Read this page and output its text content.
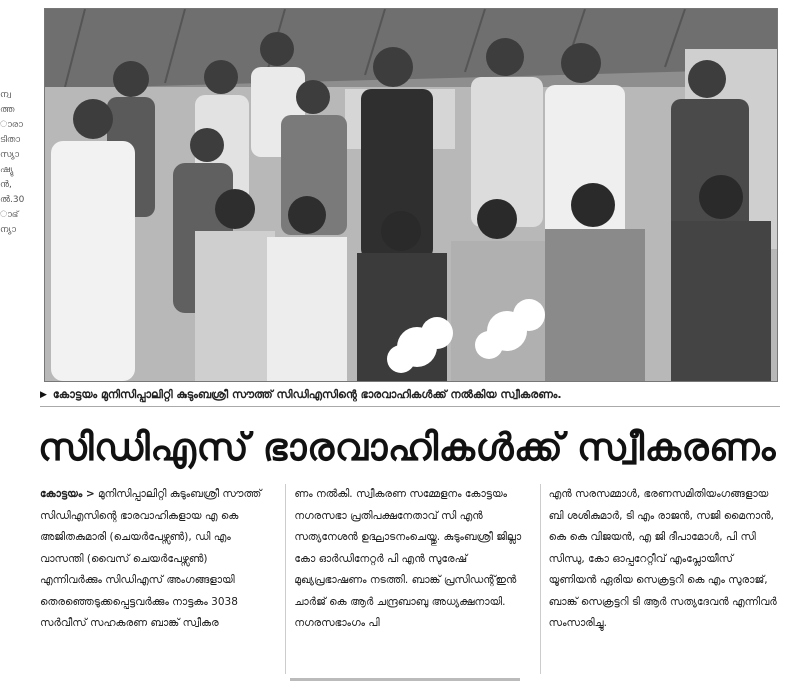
ന്വ
ത്ത
ാരാ
ടിതാ
സ്യാ
ഷ്യു
ൻ,
ൽ.30
ാഭ്
ന്യാ
▶ കോട്ടയം മുനിസിപ്പാലിറ്റി കുടുംബശ്രീ സൗത്ത് സിഡിഎസിന്റെ ഭാരവാഹികൾക്ക് നൽകിയ സ്വീകരണം.
സിഡിഎസ് ഭാരവാഹികൾക്ക് സ്വീകരണം
കോട്ടയം > മുനിസിപ്പാലിറ്റി കുടുംബശ്രീ സൗത്ത് സിഡിഎസിന്റെ ഭാരവാഹികളായ എ കെ അജിതകുമാരി (ചെയർപേഴ്സൺ), ഡി എം വാസന്തി (വൈസ് ചെയർപേഴ്സൺ) എന്നിവർക്കും സിഡിഎസ് അംഗങ്ങളായി തെരഞ്ഞെടുക്കപ്പെട്ടവർക്കും നാട്ടകം 3038 സർവീസ് സഹകരണ ബാങ്ക് സ്വീകര
ണം നൽകി. സ്വീകരണ സമ്മേളനം കോട്ടയം നഗരസഭാ പ്രതിപക്ഷനേതാവ് സി എൻ സത്യനേശൻ ഉദ്ഘാടനംചെയ്തു. കുടുംബശ്രീ ജില്ലാ കോ ഓർഡിനേറ്റർ പി എൻ സുരേഷ് മുഖ്യപ്രഭാഷണം നടത്തി. ബാങ്ക് പ്രസിഡന്റ്ഇൻ ചാർജ് കെ ആർ ചന്ദ്രബാബു അധ്യക്ഷനായി. നഗരസഭാംഗം പി
എൻ സരസമ്മാൾ, ഭരണസമിതിയംഗങ്ങളായ ബി ശശികുമാർ, ടി എം രാജൻ, സജി മൈനാൻ, കെ കെ വിജയൻ, എ ജി ദീപാമോൾ, പി സി സിന്ധു, കോ ഓപ്പറേറ്റീവ് എംപ്ലോയീസ് യൂണിയൻ ഏരിയ സെക്രട്ടറി കെ എം സുരാജ്, ബാങ്ക് സെക്രട്ടറി ടി ആർ സത്യദേവൻ എന്നിവർ സംസാരിച്ചു.
